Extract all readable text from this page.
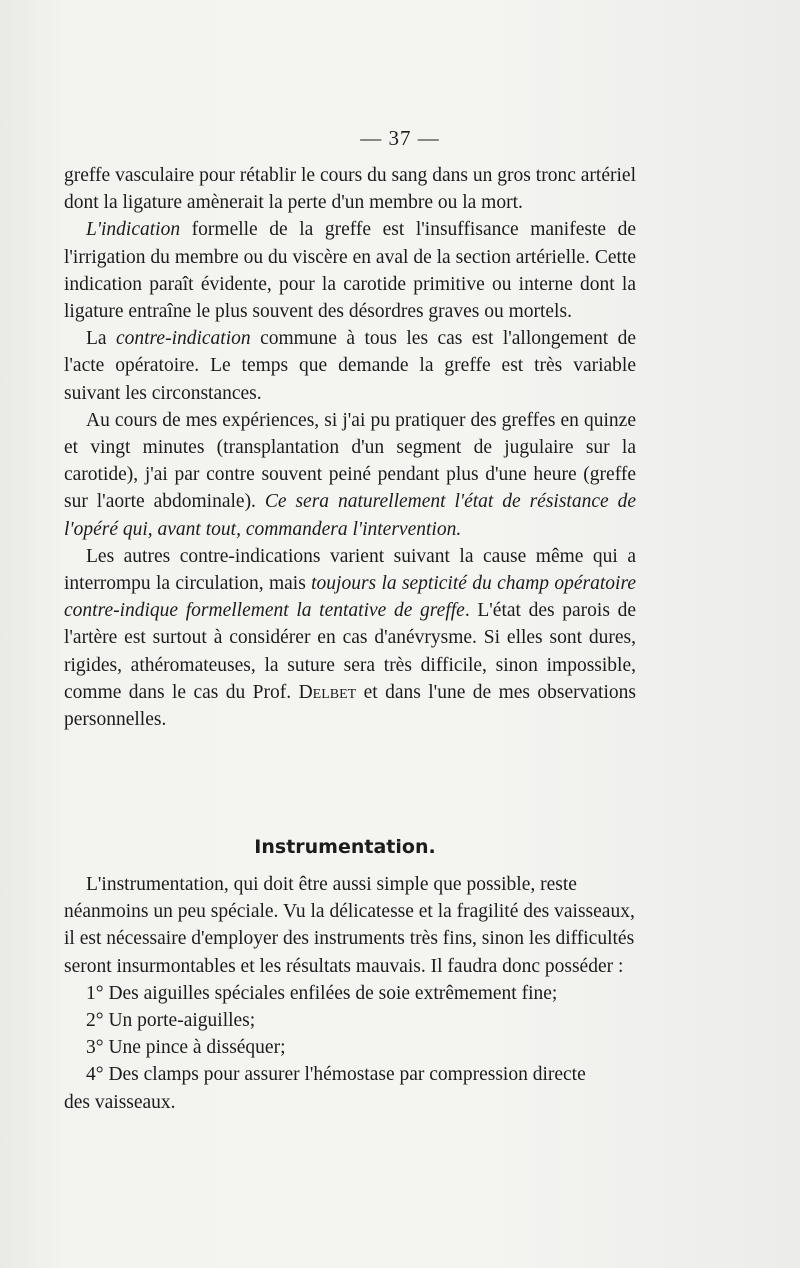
— 37 —

greffe vasculaire pour rétablir le cours du sang dans un gros tronc artériel dont la ligature amènerait la perte d'un membre ou la mort.

L'indication formelle de la greffe est l'insuffisance manifeste de l'irrigation du membre ou du viscère en aval de la section artérielle. Cette indication paraît évidente, pour la carotide primitive ou interne dont la ligature entraîne le plus souvent des désordres graves ou mortels.

La contre-indication commune à tous les cas est l'allongement de l'acte opératoire. Le temps que demande la greffe est très variable suivant les circonstances.

Au cours de mes expériences, si j'ai pu pratiquer des greffes en quinze et vingt minutes (transplantation d'un segment de jugulaire sur la carotide), j'ai par contre souvent peiné pendant plus d'une heure (greffe sur l'aorte abdominale). Ce sera naturellement l'état de résistance de l'opéré qui, avant tout, commandera l'intervention.

Les autres contre-indications varient suivant la cause même qui a interrompu la circulation, mais toujours la septicité du champ opératoire contre-indique formellement la tentative de greffe. L'état des parois de l'artère est surtout à considérer en cas d'anévrysme. Si elles sont dures, rigides, athéromateuses, la suture sera très difficile, sinon impossible, comme dans le cas du Prof. Delbet et dans l'une de mes observations personnelles.

Instrumentation.

L'instrumentation, qui doit être aussi simple que possible, reste néanmoins un peu spéciale. Vu la délicatesse et la fragilité des vaisseaux, il est nécessaire d'employer des instruments très fins, sinon les difficultés seront insurmontables et les résultats mauvais. Il faudra donc posséder :

1° Des aiguilles spéciales enfilées de soie extrêmement fine;

2° Un porte-aiguilles;

3° Une pince à disséquer;

4° Des clamps pour assurer l'hémostase par compression directe

des vaisseaux.
